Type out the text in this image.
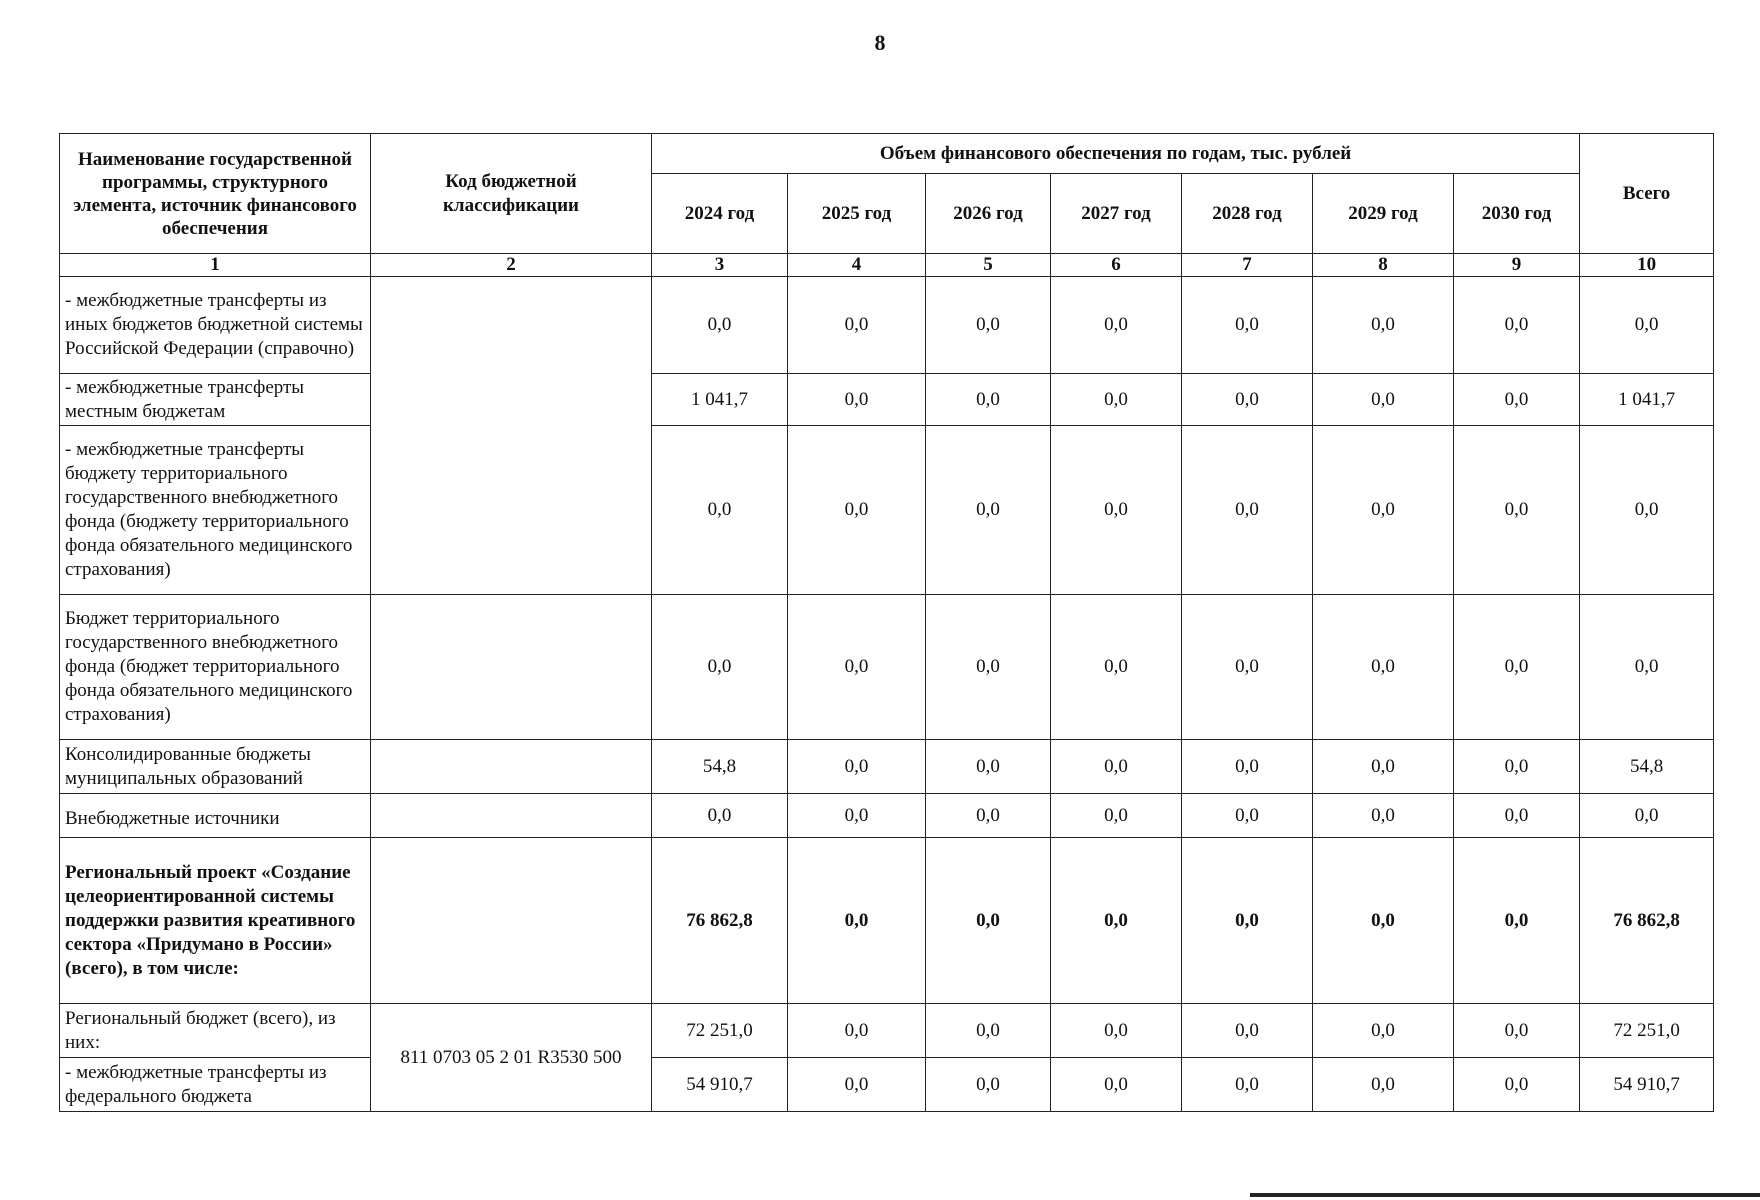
8
Наименование государственной программы, структурного элемента, источник финансового обеспечения	Код бюджетной классификации	Объем финансового обеспечения по годам, тыс. рублей							Всего
		2024 год	2025 год	2026 год	2027 год	2028 год	2029 год	2030 год	
1	2	3	4	5	6	7	8	9	10
- межбюджетные трансферты из иных бюджетов бюджетной системы Российской Федерации (справочно)		0,0	0,0	0,0	0,0	0,0	0,0	0,0	0,0
- межбюджетные трансферты местным бюджетам		1 041,7	0,0	0,0	0,0	0,0	0,0	0,0	1 041,7
- межбюджетные трансферты бюджету территориального государственного внебюджетного фонда (бюджету территориального фонда обязательного медицинского страхования)		0,0	0,0	0,0	0,0	0,0	0,0	0,0	0,0
Бюджет территориального государственного внебюджетного фонда (бюджет территориального фонда обязательного медицинского страхования)		0,0	0,0	0,0	0,0	0,0	0,0	0,0	0,0
Консолидированные бюджеты муниципальных образований		54,8	0,0	0,0	0,0	0,0	0,0	0,0	54,8
Внебюджетные источники		0,0	0,0	0,0	0,0	0,0	0,0	0,0	0,0
Региональный проект «Создание целеориентированной системы поддержки развития креативного сектора «Придумано в России» (всего), в том числе:		76 862,8	0,0	0,0	0,0	0,0	0,0	0,0	76 862,8
Региональный бюджет (всего), из них:	811 0703 05 2 01 R3530 500	72 251,0	0,0	0,0	0,0	0,0	0,0	0,0	72 251,0
- межбюджетные трансферты из федерального бюджета		54 910,7	0,0	0,0	0,0	0,0	0,0	0,0	54 910,7
